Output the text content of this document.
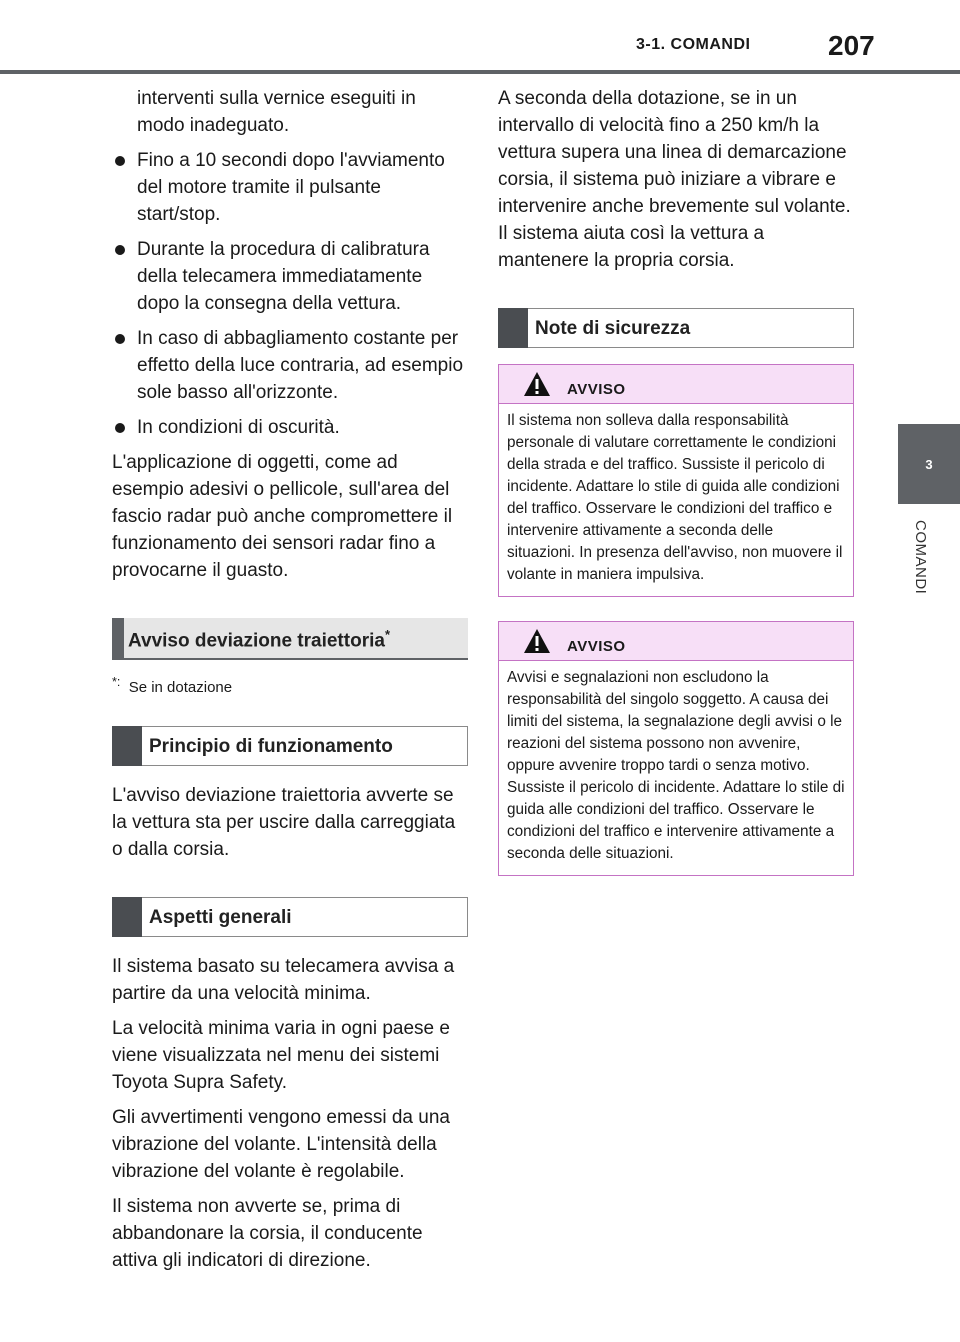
3-1. COMANDI	207
3
COMANDI

interventi sulla vernice eseguiti in modo inadeguato.

Fino a 10 secondi dopo l'avviamento del motore tramite il pulsante start/stop.
Durante la procedura di calibratura della telecamera immediatamente dopo la consegna della vettura.
In caso di abbagliamento costante per effetto della luce contraria, ad esempio sole basso all'orizzonte.
In condizioni di oscurità.

L'applicazione di oggetti, come ad esempio adesivi o pellicole, sull'area del fascio radar può anche compromettere il funzionamento dei sensori radar fino a provocarne il guasto.

Avviso deviazione traiettoria*

*: Se in dotazione

Principio di funzionamento

L'avviso deviazione traiettoria avverte se la vettura sta per uscire dalla carreggiata o dalla corsia.

Aspetti generali

Il sistema basato su telecamera avvisa a partire da una velocità minima.

La velocità minima varia in ogni paese e viene visualizzata nel menu dei sistemi Toyota Supra Safety.

Gli avvertimenti vengono emessi da una vibrazione del volante. L'intensità della vibrazione del volante è regolabile.

Il sistema non avverte se, prima di abbandonare la corsia, il conducente attiva gli indicatori di direzione.

A seconda della dotazione, se in un intervallo di velocità fino a 250 km/h la vettura supera una linea di demarcazione corsia, il sistema può iniziare a vibrare e intervenire anche brevemente sul volante. Il sistema aiuta così la vettura a mantenere la propria corsia.

Note di sicurezza
AVVISO
Il sistema non solleva dalla responsabilità personale di valutare correttamente le condizioni della strada e del traffico. Sussiste il pericolo di incidente. Adattare lo stile di guida alle condizioni del traffico. Osservare le condizioni del traffico e intervenire attivamente a seconda delle situazioni. In presenza dell'avviso, non muovere il volante in maniera impulsiva.
AVVISO
Avvisi e segnalazioni non escludono la responsabilità del singolo soggetto. A causa dei limiti del sistema, la segnalazione degli avvisi o le reazioni del sistema possono non avvenire, oppure avvenire troppo tardi o senza motivo. Sussiste il pericolo di incidente. Adattare lo stile di guida alle condizioni del traffico. Osservare le condizioni del traffico e intervenire attivamente a seconda delle situazioni.
